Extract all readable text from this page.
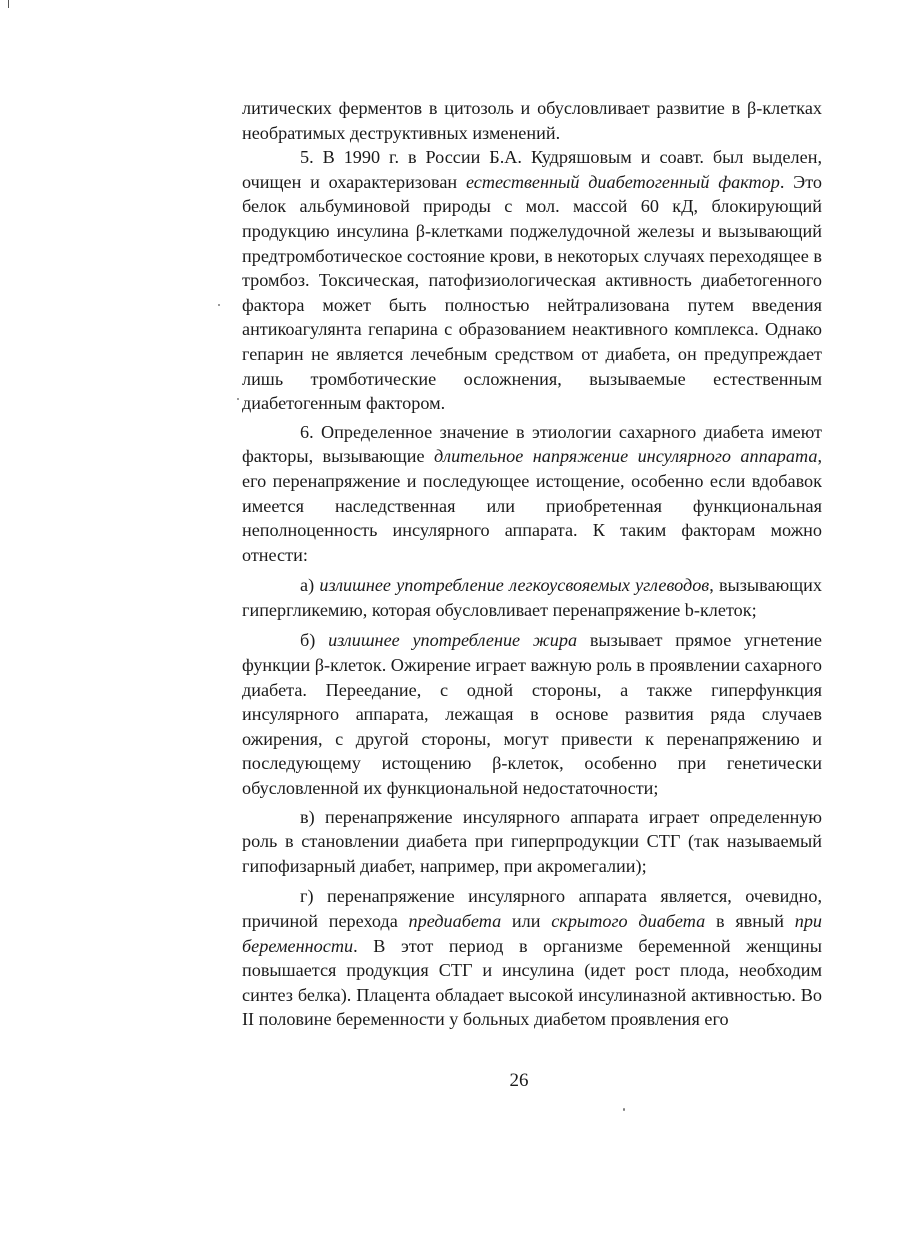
литических ферментов в цитозоль и обусловливает развитие в β-клетках необратимых деструктивных изменений.

5. В 1990 г. в России Б.А. Кудряшовым и соавт. был выделен, очищен и охарактеризован естественный диабетогенный фактор. Это белок альбуминовой природы с мол. массой 60 кД, блокирующий продукцию инсулина β-клетками поджелудочной железы и вызывающий предтромботическое состояние крови, в некоторых случаях переходящее в тромбоз. Токсическая, патофизиологическая активность диабетогенного фактора может быть полностью нейтрализована путем введения антикоагулянта гепарина с образованием неактивного комплекса. Однако гепарин не является лечебным средством от диабета, он предупреждает лишь тромботические осложнения, вызываемые естественным диабетогенным фактором.

6. Определенное значение в этиологии сахарного диабета имеют факторы, вызывающие длительное напряжение инсулярного аппарата, его перенапряжение и последующее истощение, особенно если вдобавок имеется наследственная или приобретенная функциональная неполноценность инсулярного аппарата. К таким факторам можно отнести:

а) излишнее употребление легкоусвояемых углеводов, вызывающих гипергликемию, которая обусловливает перенапряжение b-клеток;

б) излишнее употребление жира вызывает прямое угнетение функции β-клеток. Ожирение играет важную роль в проявлении сахарного диабета. Переедание, с одной стороны, а также гиперфункция инсулярного аппарата, лежащая в основе развития ряда случаев ожирения, с другой стороны, могут привести к перенапряжению и последующему истощению β-клеток, особенно при генетически обусловленной их функциональной недостаточности;

в) перенапряжение инсулярного аппарата играет определенную роль в становлении диабета при гиперпродукции СТГ (так называемый гипофизарный диабет, например, при акромегалии);

г) перенапряжение инсулярного аппарата является, очевидно, причиной перехода предиабета или скрытого диабета в явный при беременности. В этот период в организме беременной женщины повышается продукция СТГ и инсулина (идет рост плода, необходим синтез белка). Плацента обладает высокой инсулиназной активностью. Во II половине беременности у больных диабетом проявления его

26
